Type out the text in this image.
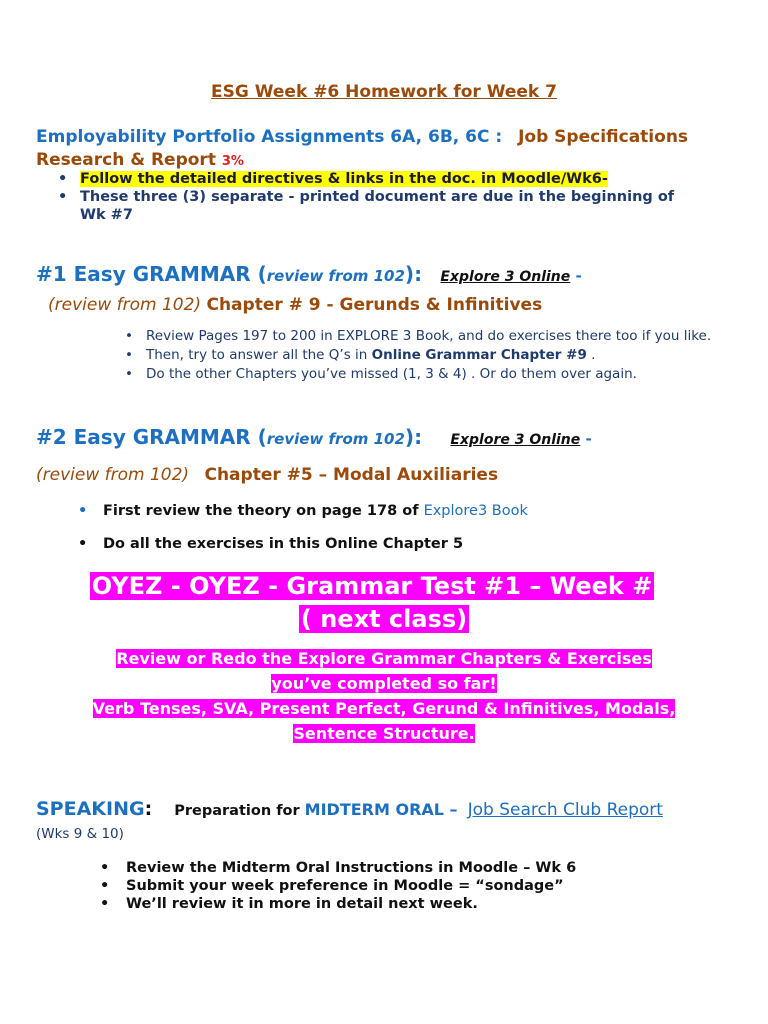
ESG Week #6 Homework for Week 7
Employability Portfolio Assignments 6A, 6B, 6C : Job Specifications
Research & Report 3%
• Follow the detailed directives & links in the doc. in Moodle/Wk6-
• These three (3) separate - printed document are due in the beginning of
Wk #7
#1 Easy GRAMMAR (review from 102): Explore 3 Online -
(review from 102) Chapter # 9 - Gerunds & Infinitives
• Review Pages 197 to 200 in EXPLORE 3 Book, and do exercises there too if you like.
• Then, try to answer all the Q’s in Online Grammar Chapter #9 .
• Do the other Chapters you’ve missed (1, 3 & 4) . Or do them over again.
#2 Easy GRAMMAR (review from 102): Explore 3 Online -
(review from 102) Chapter #5 – Modal Auxiliaries
• First review the theory on page 178 of Explore3 Book
• Do all the exercises in this Online Chapter 5
OYEZ - OYEZ - Grammar Test #1 – Week #
( next class)
Review or Redo the Explore Grammar Chapters & Exercises
you’ve completed so far!
Verb Tenses, SVA, Present Perfect, Gerund & Infinitives, Modals,
Sentence Structure.
SPEAKING: Preparation for MIDTERM ORAL – Job Search Club Report
(Wks 9 & 10)
• Review the Midterm Oral Instructions in Moodle – Wk 6
• Submit your week preference in Moodle = “sondage”
• We’ll review it in more in detail next week.
